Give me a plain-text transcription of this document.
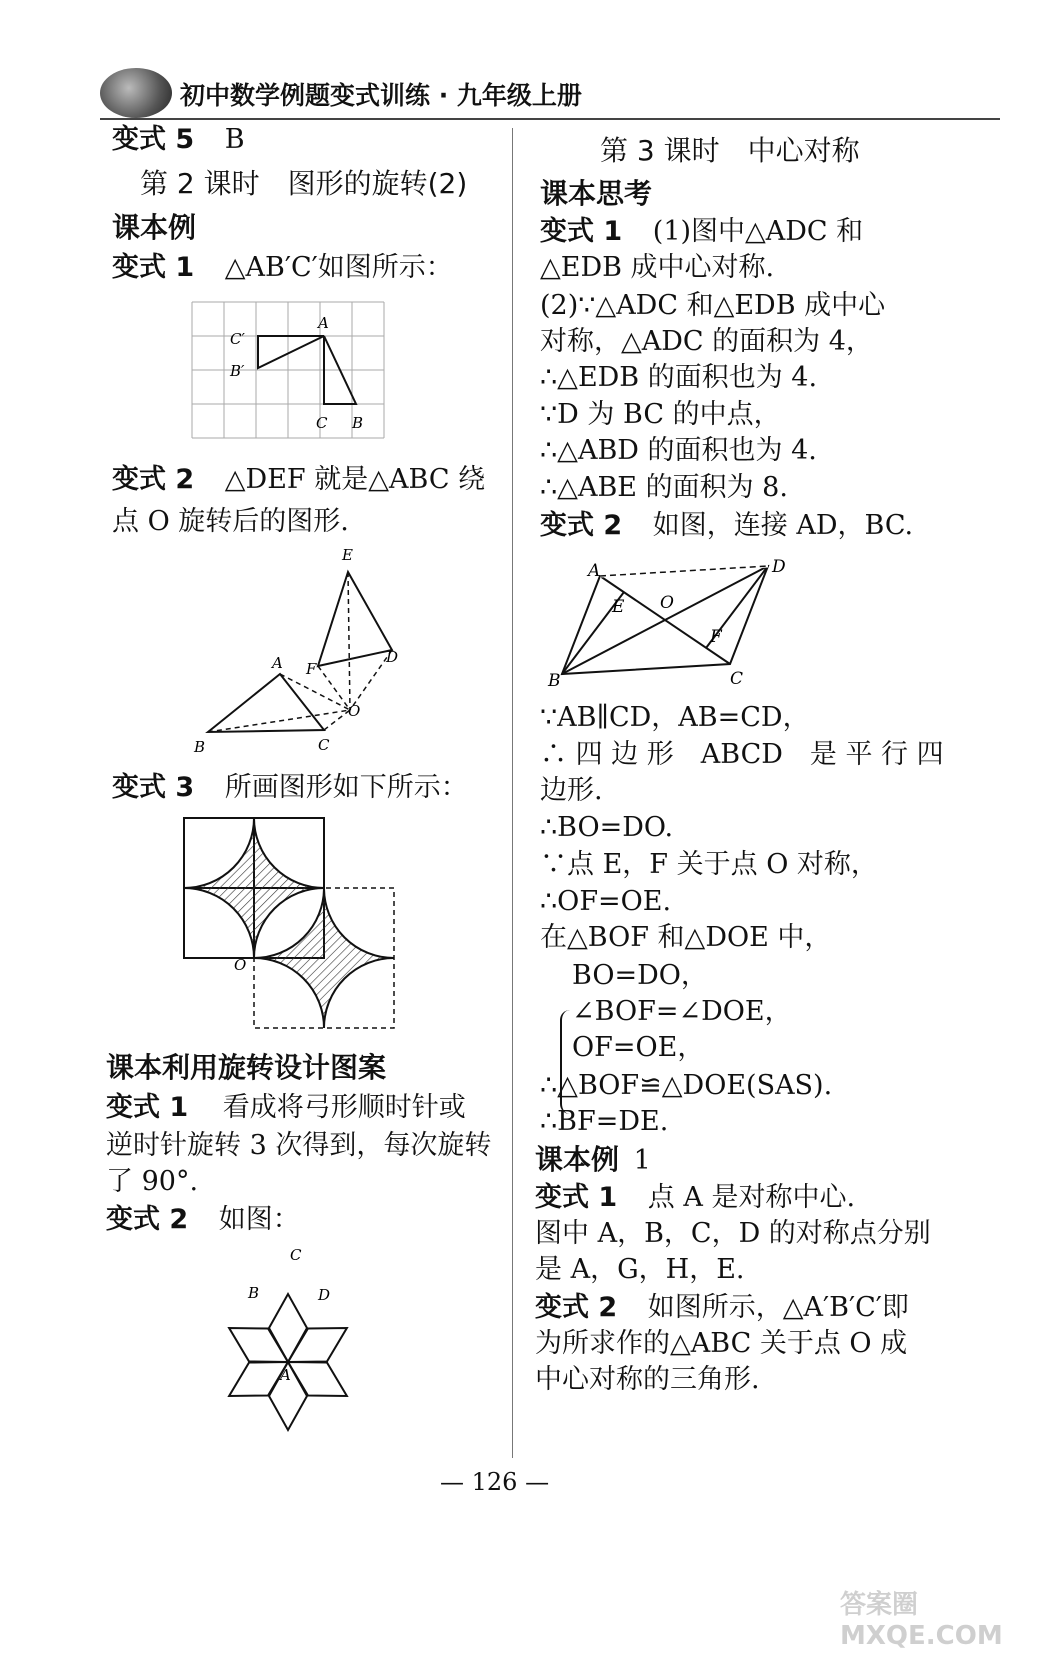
初中数学例题变式训练 · 九年级上册
变式 5 B
第 2 课时　图形的旋转(2)
课本例
变式 1 △AB′C′如图所示：
A
C B
C′
B′
变式 2 △DEF 就是△ABC 绕
点 O 旋转后的图形.
E
F
D
A
O
B	C
变式 3 所画图形如下所示：
O
课本利用旋转设计图案
变式 1 看成将弓形顺时针或
逆时针旋转 3 次得到，每次旋转
了 90°.
变式 2 如图：
C
B	D
A
第 3 课时　中心对称
课本思考
变式 1 (1)图中△ADC 和
△EDB 成中心对称.
(2)∵△ADC 和△EDB 成中心
对称，△ADC 的面积为 4，
∴△EDB 的面积也为 4.
∵D 为 BC 的中点，
∴△ABD 的面积也为 4.
∴△ABE 的面积为 8.
变式 2 如图，连接 AD，BC.
A	D
E O
F
B	C
∵AB∥CD，AB=CD，
∴ 四 边 形　ABCD　是 平 行 四
边形.
∴BO=DO.
∵点 E，F 关于点 O 对称，
∴OF=OE.
在△BOF 和△DOE 中，
BO=DO，
∠BOF=∠DOE，
OF=OE，
∴△BOF≌△DOE(SAS).
∴BF=DE.
课本例 1
变式 1 点 A 是对称中心.
图中 A，B，C，D 的对称点分别
是 A，G，H，E.
变式 2 如图所示，△A′B′C′即
为所求作的△ABC 关于点 O 成
中心对称的三角形.
— 126 —
答案圈 MXQE.COM
